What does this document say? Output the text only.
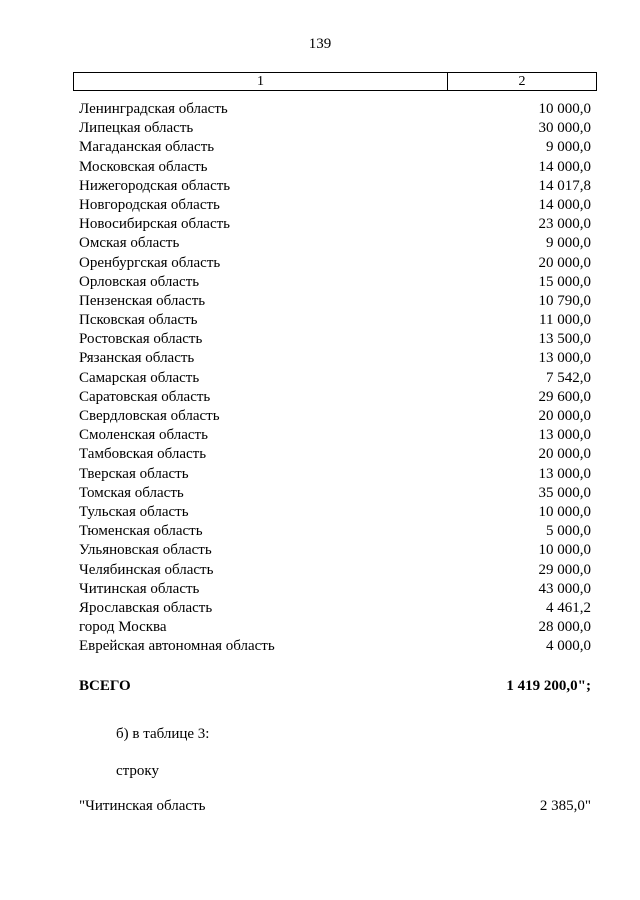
139
1	2
Ленинградская область	10 000,0
Липецкая область	30 000,0
Магаданская область	9 000,0
Московская область	14 000,0
Нижегородская область	14 017,8
Новгородская область	14 000,0
Новосибирская область	23 000,0
Омская область	9 000,0
Оренбургская область	20 000,0
Орловская область	15 000,0
Пензенская область	10 790,0
Псковская область	11 000,0
Ростовская область	13 500,0
Рязанская область	13 000,0
Самарская область	7 542,0
Саратовская область	29 600,0
Свердловская область	20 000,0
Смоленская область	13 000,0
Тамбовская область	20 000,0
Тверская область	13 000,0
Томская область	35 000,0
Тульская область	10 000,0
Тюменская область	5 000,0
Ульяновская область	10 000,0
Челябинская область	29 000,0
Читинская область	43 000,0
Ярославская область	4 461,2
город Москва	28 000,0
Еврейская автономная область	4 000,0
ВСЕГО	1 419 200,0";
б) в таблице 3:
строку
"Читинская область	2 385,0"
